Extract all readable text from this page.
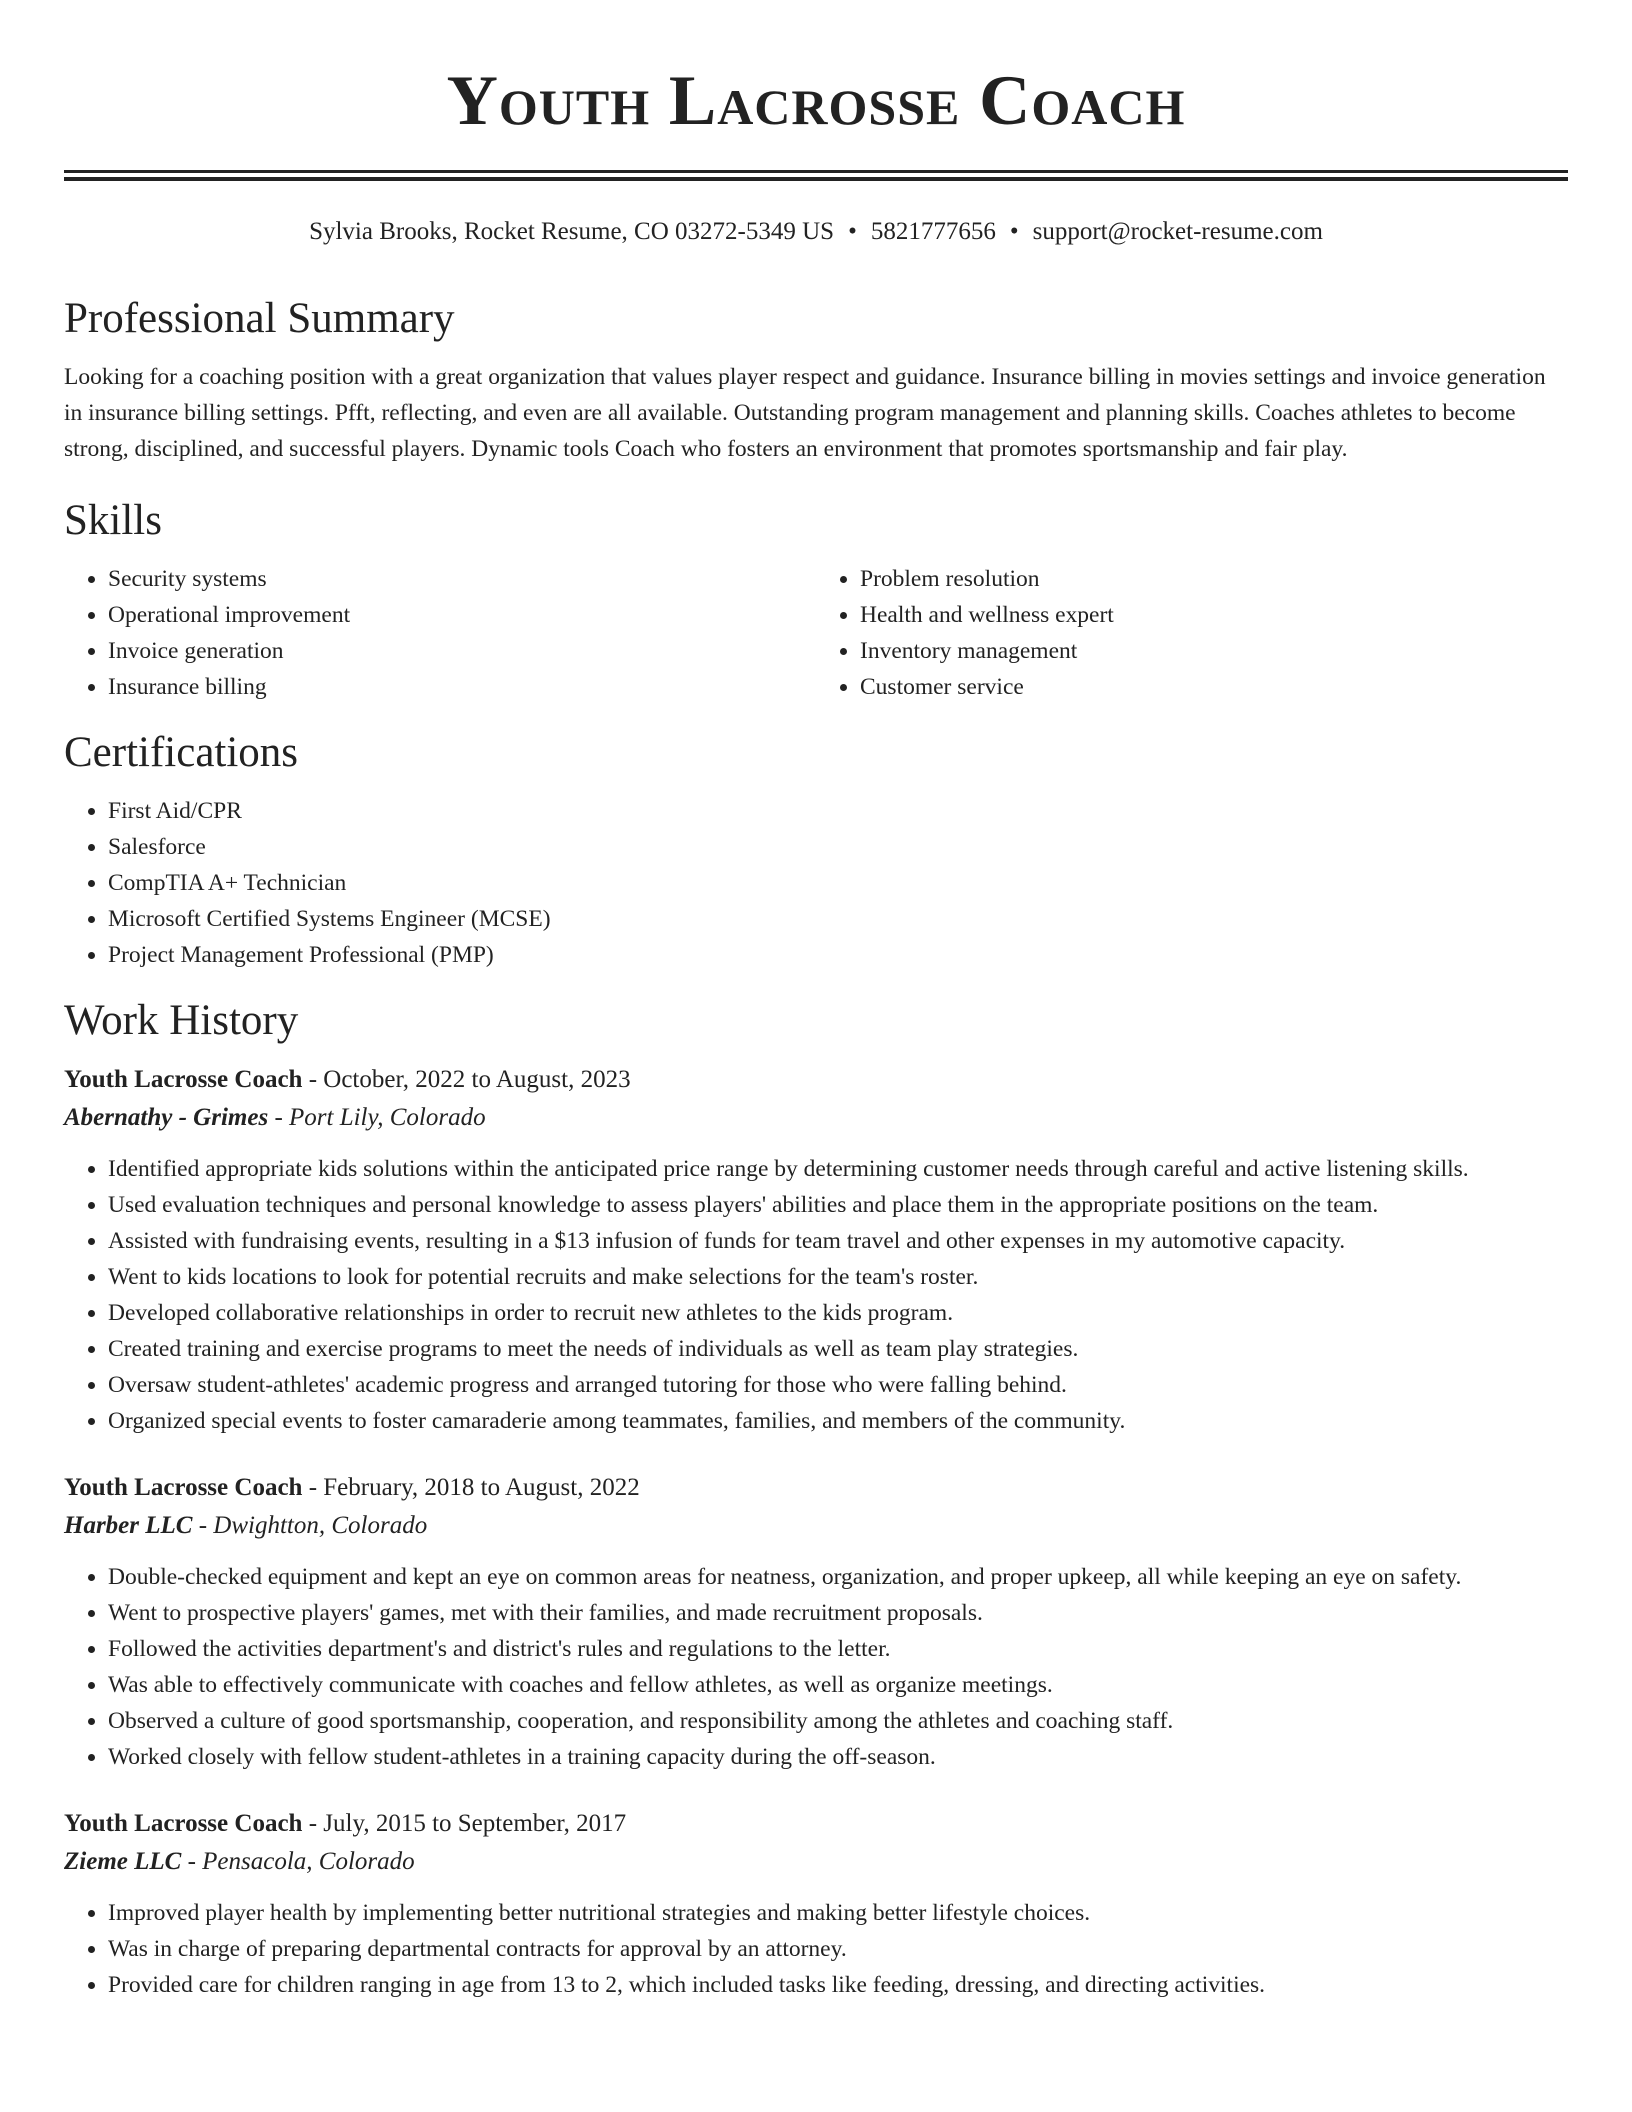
Youth Lacrosse Coach
Sylvia Brooks, Rocket Resume, CO 03272-5349 US • 5821777656 • support@rocket-resume.com
Professional Summary

Looking for a coaching position with a great organization that values player respect and guidance. Insurance billing in movies settings and invoice generation in insurance billing settings. Pfft, reflecting, and even are all available. Outstanding program management and planning skills. Coaches athletes to become strong, disciplined, and successful players. Dynamic tools Coach who fosters an environment that promotes sportsmanship and fair play.

Skills
• Security systems
• Operational improvement
• Invoice generation
• Insurance billing
• Problem resolution
• Health and wellness expert
• Inventory management
• Customer service
Certifications
• First Aid/CPR
• Salesforce
• CompTIA A+ Technician
• Microsoft Certified Systems Engineer (MCSE)
• Project Management Professional (PMP)
Work History
Youth Lacrosse Coach - October, 2022 to August, 2023
Abernathy - Grimes - Port Lily, Colorado
• Identified appropriate kids solutions within the anticipated price range by determining customer needs through careful and active listening skills.
• Used evaluation techniques and personal knowledge to assess players' abilities and place them in the appropriate positions on the team.
• Assisted with fundraising events, resulting in a $13 infusion of funds for team travel and other expenses in my automotive capacity.
• Went to kids locations to look for potential recruits and make selections for the team's roster.
• Developed collaborative relationships in order to recruit new athletes to the kids program.
• Created training and exercise programs to meet the needs of individuals as well as team play strategies.
• Oversaw student-athletes' academic progress and arranged tutoring for those who were falling behind.
• Organized special events to foster camaraderie among teammates, families, and members of the community.
Youth Lacrosse Coach - February, 2018 to August, 2022
Harber LLC - Dwightton, Colorado
• Double-checked equipment and kept an eye on common areas for neatness, organization, and proper upkeep, all while keeping an eye on safety.
• Went to prospective players' games, met with their families, and made recruitment proposals.
• Followed the activities department's and district's rules and regulations to the letter.
• Was able to effectively communicate with coaches and fellow athletes, as well as organize meetings.
• Observed a culture of good sportsmanship, cooperation, and responsibility among the athletes and coaching staff.
• Worked closely with fellow student-athletes in a training capacity during the off-season.
Youth Lacrosse Coach - July, 2015 to September, 2017
Zieme LLC - Pensacola, Colorado
• Improved player health by implementing better nutritional strategies and making better lifestyle choices.
• Was in charge of preparing departmental contracts for approval by an attorney.
• Provided care for children ranging in age from 13 to 2, which included tasks like feeding, dressing, and directing activities.
